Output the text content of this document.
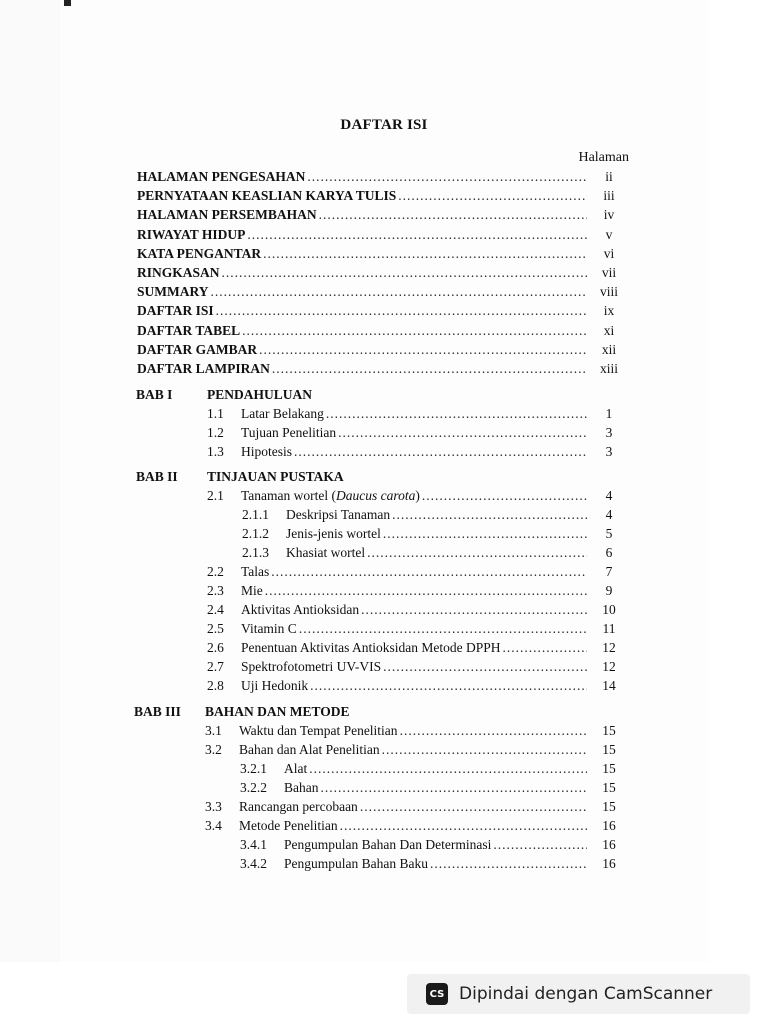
DAFTAR ISI
Halaman
HALAMAN PENGESAHAN .....	ii
PERNYATAAN KEASLIAN KARYA TULIS .....	iii
HALAMAN PERSEMBAHAN .....	iv
RIWAYAT HIDUP .....	v
KATA PENGANTAR .....	vi
RINGKASAN .....	vii
SUMMARY .....	viii
DAFTAR ISI .....	ix
DAFTAR TABEL .....	xi
DAFTAR GAMBAR .....	xii
DAFTAR LAMPIRAN .....	xiii
BAB I	PENDAHULUAN
1.1 Latar Belakang .....	1
1.2 Tujuan Penelitian .....	3
1.3 Hipotesis .....	3
BAB II TINJAUAN PUSTAKA
2.1 Tanaman wortel (Daucus carota) .....	4
2.1.1 Deskripsi Tanaman .....	4
2.1.2 Jenis-jenis wortel .....	5
2.1.3 Khasiat wortel .....	6
2.2 Talas .....	7
2.3 Mie .....	9
2.4 Aktivitas Antioksidan .....	10
2.5 Vitamin C .....	11
2.6 Penentuan Aktivitas Antioksidan Metode DPPH .....	12
2.7 Spektrofotometri UV-VIS .....	12
2.8 Uji Hedonik .....	14
BAB III BAHAN DAN METODE
3.1 Waktu dan Tempat Penelitian .....	15
3.2 Bahan dan Alat Penelitian .....	15
3.2.1 Alat .....	15
3.2.2 Bahan .....	15
3.3 Rancangan percobaan .....	15
3.4 Metode Penelitian .....	16
3.4.1 Pengumpulan Bahan Dan Determinasi .....	16
3.4.2 Pengumpulan Bahan Baku .....	16
CS Dipindai dengan CamScanner
